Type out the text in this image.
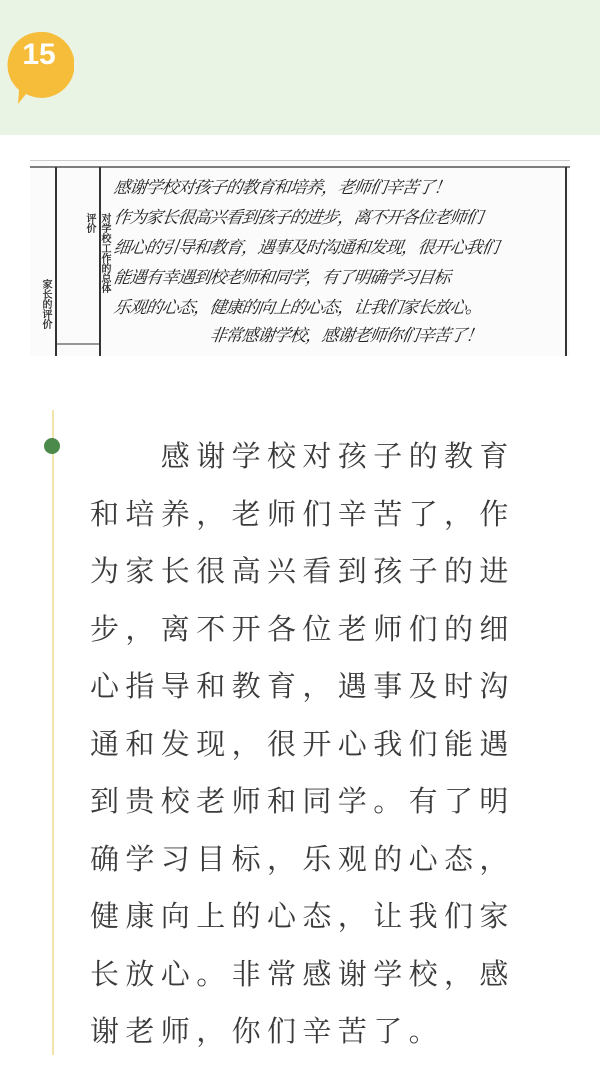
15
对学校工作的总体评价
家长的评价
感谢学校对孩子的教育和培养，老师们辛苦了！
作为家长很高兴看到孩子的进步，离不开各位老师们
细心的引导和教育，遇事及时沟通和发现，很开心我们
能遇有幸遇到校老师和同学，有了明确学习目标
乐观的心态，健康的向上的心态，让我们家长放心。
非常感谢学校，感谢老师你们辛苦了！

　　感谢学校对孩子的教育和培养，老师们辛苦了，作为家长很高兴看到孩子的进步，离不开各位老师们的细心指导和教育，遇事及时沟通和发现，很开心我们能遇到贵校老师和同学。有了明确学习目标，乐观的心态，健康向上的心态，让我们家长放心。非常感谢学校，感谢老师，你们辛苦了。
